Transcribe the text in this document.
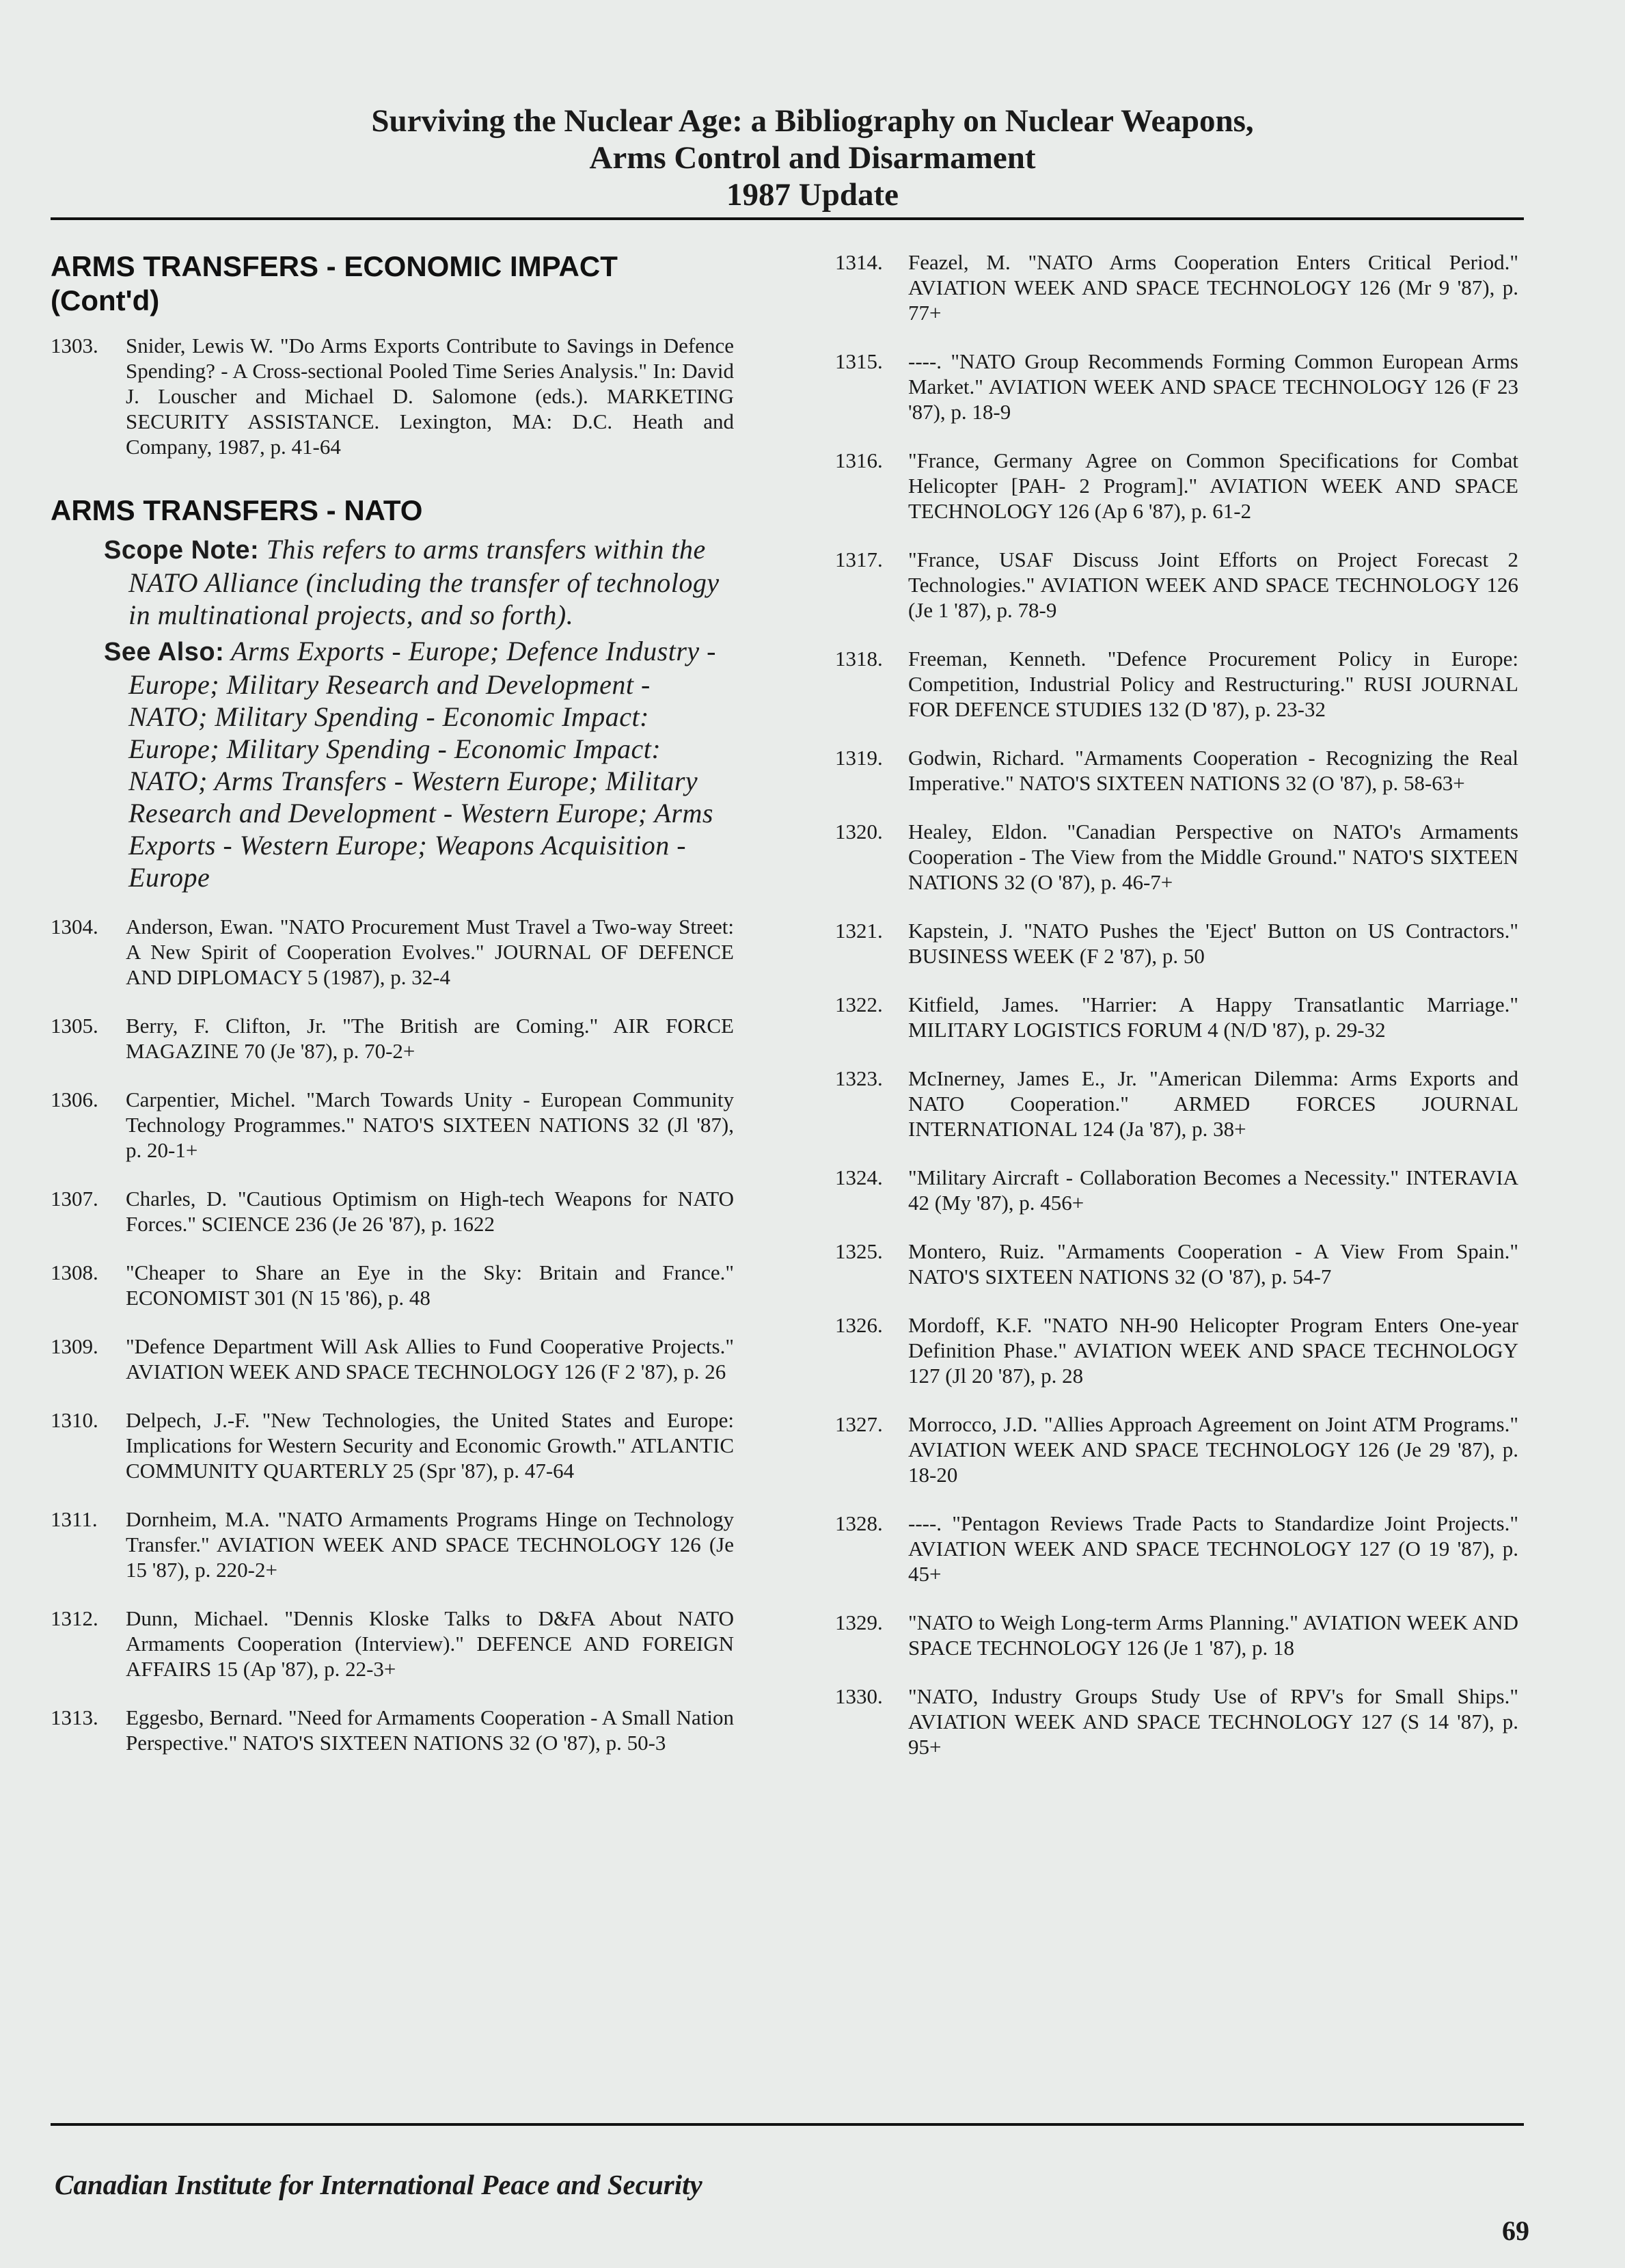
Surviving the Nuclear Age: a Bibliography on Nuclear Weapons,
Arms Control and Disarmament
1987 Update
ARMS TRANSFERS - ECONOMIC IMPACT
(Cont'd)
1303.	Snider, Lewis W. "Do Arms Exports Contribute to Savings in Defence Spending? - A Cross-sectional Pooled Time Series Analysis." In: David J. Louscher and Michael D. Salomone (eds.). MARKETING SECURITY ASSISTANCE. Lexington, MA: D.C. Heath and Company, 1987, p. 41-64
ARMS TRANSFERS - NATO
Scope Note: This refers to arms transfers within the NATO Alliance (including the transfer of technology in multinational projects, and so forth).
See Also: Arms Exports - Europe; Defence Industry - Europe; Military Research and Development - NATO; Military Spending - Economic Impact: Europe; Military Spending - Economic Impact: NATO; Arms Transfers - Western Europe; Military Research and Development - Western Europe; Arms Exports - Western Europe; Weapons Acquisition - Europe
1304.	Anderson, Ewan. "NATO Procurement Must Travel a Two-way Street: A New Spirit of Cooperation Evolves." JOURNAL OF DEFENCE AND DIPLOMACY 5 (1987), p. 32-4
1305.	Berry, F. Clifton, Jr. "The British are Coming." AIR FORCE MAGAZINE 70 (Je '87), p. 70-2+
1306.	Carpentier, Michel. "March Towards Unity - European Community Technology Programmes." NATO'S SIXTEEN NATIONS 32 (Jl '87), p. 20-1+
1307.	Charles, D. "Cautious Optimism on High-tech Weapons for NATO Forces." SCIENCE 236 (Je 26 '87), p. 1622
1308.	"Cheaper to Share an Eye in the Sky: Britain and France." ECONOMIST 301 (N 15 '86), p. 48
1309.	"Defence Department Will Ask Allies to Fund Cooperative Projects." AVIATION WEEK AND SPACE TECHNOLOGY 126 (F 2 '87), p. 26
1310.	Delpech, J.-F. "New Technologies, the United States and Europe: Implications for Western Security and Economic Growth." ATLANTIC COMMUNITY QUARTERLY 25 (Spr '87), p. 47-64
1311.	Dornheim, M.A. "NATO Armaments Programs Hinge on Technology Transfer." AVIATION WEEK AND SPACE TECHNOLOGY 126 (Je 15 '87), p. 220-2+
1312.	Dunn, Michael. "Dennis Kloske Talks to D&FA About NATO Armaments Cooperation (Interview)." DEFENCE AND FOREIGN AFFAIRS 15 (Ap '87), p. 22-3+
1313.	Eggesbo, Bernard. "Need for Armaments Cooperation - A Small Nation Perspective." NATO'S SIXTEEN NATIONS 32 (O '87), p. 50-3
1314.	Feazel, M. "NATO Arms Cooperation Enters Critical Period." AVIATION WEEK AND SPACE TECHNOLOGY 126 (Mr 9 '87), p. 77+
1315.	----. "NATO Group Recommends Forming Common European Arms Market." AVIATION WEEK AND SPACE TECHNOLOGY 126 (F 23 '87), p. 18-9
1316.	"France, Germany Agree on Common Specifications for Combat Helicopter [PAH- 2 Program]." AVIATION WEEK AND SPACE TECHNOLOGY 126 (Ap 6 '87), p. 61-2
1317.	"France, USAF Discuss Joint Efforts on Project Forecast 2 Technologies." AVIATION WEEK AND SPACE TECHNOLOGY 126 (Je 1 '87), p. 78-9
1318.	Freeman, Kenneth. "Defence Procurement Policy in Europe: Competition, Industrial Policy and Restructuring." RUSI JOURNAL FOR DEFENCE STUDIES 132 (D '87), p. 23-32
1319.	Godwin, Richard. "Armaments Cooperation - Recognizing the Real Imperative." NATO'S SIXTEEN NATIONS 32 (O '87), p. 58-63+
1320.	Healey, Eldon. "Canadian Perspective on NATO's Armaments Cooperation - The View from the Middle Ground." NATO'S SIXTEEN NATIONS 32 (O '87), p. 46-7+
1321.	Kapstein, J. "NATO Pushes the 'Eject' Button on US Contractors." BUSINESS WEEK (F 2 '87), p. 50
1322.	Kitfield, James. "Harrier: A Happy Transatlantic Marriage." MILITARY LOGISTICS FORUM 4 (N/D '87), p. 29-32
1323.	McInerney, James E., Jr. "American Dilemma: Arms Exports and NATO Cooperation." ARMED FORCES JOURNAL INTERNATIONAL 124 (Ja '87), p. 38+
1324.	"Military Aircraft - Collaboration Becomes a Necessity." INTERAVIA 42 (My '87), p. 456+
1325.	Montero, Ruiz. "Armaments Cooperation - A View From Spain." NATO'S SIXTEEN NATIONS 32 (O '87), p. 54-7
1326.	Mordoff, K.F. "NATO NH-90 Helicopter Program Enters One-year Definition Phase." AVIATION WEEK AND SPACE TECHNOLOGY 127 (Jl 20 '87), p. 28
1327.	Morrocco, J.D. "Allies Approach Agreement on Joint ATM Programs." AVIATION WEEK AND SPACE TECHNOLOGY 126 (Je 29 '87), p. 18-20
1328.	----. "Pentagon Reviews Trade Pacts to Standardize Joint Projects." AVIATION WEEK AND SPACE TECHNOLOGY 127 (O 19 '87), p. 45+
1329.	"NATO to Weigh Long-term Arms Planning." AVIATION WEEK AND SPACE TECHNOLOGY 126 (Je 1 '87), p. 18
1330.	"NATO, Industry Groups Study Use of RPV's for Small Ships." AVIATION WEEK AND SPACE TECHNOLOGY 127 (S 14 '87), p. 95+
Canadian Institute for International Peace and Security
69
